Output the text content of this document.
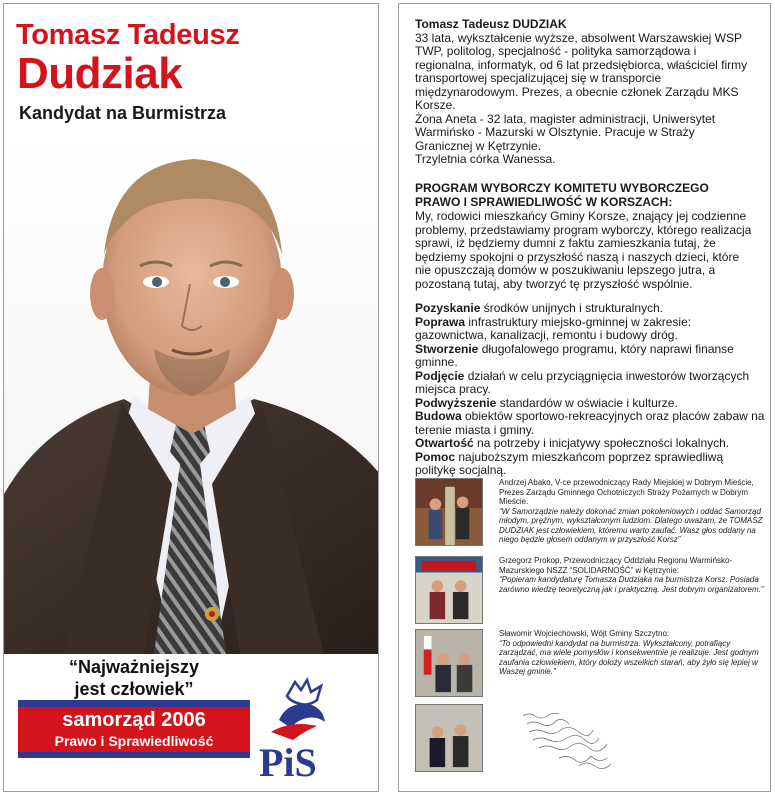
Tomasz Tadeusz
Dudziak
Kandydat na Burmistrza
“Najważniejszy
jest człowiek”
samorząd 2006
Prawo i Sprawiedliwość	PiS
Tomasz Tadeusz DUDZIAK
33 lata, wykształcenie wyższe, absolwent Warszawskiej WSP
TWP, politolog, specjalność - polityka samorządowa i
regionalna, informatyk, od 6 lat przedsiębiorca, właściciel firmy
transportowej specjalizującej się w transporcie
międzynarodowym. Prezes, a obecnie członek Zarządu MKS
Korsze.
Żona Aneta - 32 lata, magister administracji, Uniwersytet
Warmińsko - Mazurski w Olsztynie. Pracuje w Straży
Granicznej w Kętrzynie.
Trzyletnia córka Wanessa.
PROGRAM WYBORCZY KOMITETU WYBORCZEGO
PRAWO I SPRAWIEDLIWOŚĆ W KORSZACH:
My, rodowici mieszkańcy Gminy Korsze, znający jej codzienne
problemy, przedstawiamy program wyborczy, którego realizacja
sprawi, iż będziemy dumni z faktu zamieszkania tutaj, że
będziemy spokojni o przyszłość naszą i naszych dzieci, które
nie opuszczają domów w poszukiwaniu lepszego jutra, a
pozostaną tutaj, aby tworzyć tę przyszłość wspólnie.

Pozyskanie środków unijnych i strukturalnych.

Poprawa infrastruktury miejsko-gminnej w zakresie: gazownictwa, kanalizacji, remontu i budowy dróg.

Stworzenie długofalowego programu, który naprawi finanse gminne.

Podjęcie działań w celu przyciągnięcia inwestorów tworzących miejsca pracy.

Podwyższenie standardów w oświacie i kulturze.

Budowa obiektów sportowo-rekreacyjnych oraz placów zabaw na terenie miasta i gminy.

Otwartość na potrzeby i inicjatywy społeczności lokalnych.

Pomoc najuboższym mieszkańcom poprzez sprawiedliwą politykę socjalną.

Andrzej Abako, V-ce przewodniczący Rady Miejskiej w Dobrym Mieście, Prezes Zarządu Gminnego Ochotniczych Straży Pożarnych w Dobrym Mieście.
“W Samorządzie należy dokonać zmian pokoleniowych i oddać Samorząd młodym, prężnym, wykształconym ludziom. Dlatego uważam, że TOMASZ DUDZIAK jest człowiekiem, któremu warto zaufać. Wasz głos oddany na niego będzie głosem oddanym w przyszłość Korsz”
Grzegorz Prokop, Przewodniczący Oddziału Regionu Warmińsko-Mazurskiego NSZZ “SOLIDARNOŚĆ” w Kętrzynie:
“Popieram kandydaturę Tomasza Dudziaka na burmistrza Korsz. Posiada zarówno wiedzę teoretyczną jak i praktyczną. Jest dobrym organizatorem.”
Sławomir Wojciechowski, Wójt Gminy Szczytno:
“To odpowiedni kandydat na burmistrza. Wykształcony, potrafiący zarządzać, ma wiele pomysłów i konsekwentnie je realizuje. Jest godnym zaufania człowiekiem, który dołoży wszelkich starań, aby żyło się lepiej w Waszej gminie.”
